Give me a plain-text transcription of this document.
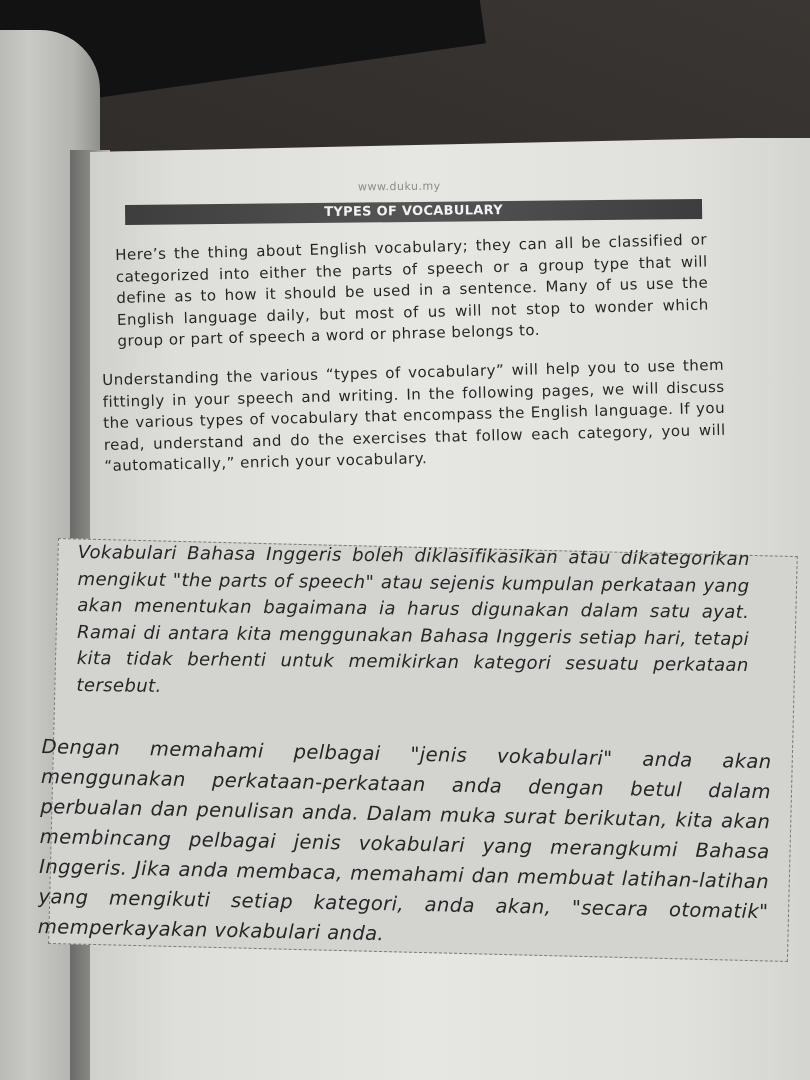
www.duku.my
TYPES OF VOCABULARY

Here’s the thing about English vocabulary; they can all be classified or categorized into either the parts of speech or a group type that will define as to how it should be used in a sentence. Many of us use the English language daily, but most of us will not stop to wonder which group or part of speech a word or phrase belongs to.

Understanding the various “types of vocabulary” will help you to use them fittingly in your speech and writing. In the following pages, we will discuss the various types of vocabulary that encompass the English language. If you read, understand and do the exercises that follow each category, you will “automatically,” enrich your vocabulary.

Vokabulari Bahasa Inggeris boleh diklasifikasikan atau dikategorikan mengikut "the parts of speech" atau sejenis kumpulan perkataan yang akan menentukan bagaimana ia harus digunakan dalam satu ayat. Ramai di antara kita menggunakan Bahasa Inggeris setiap hari, tetapi kita tidak berhenti untuk memikirkan kategori sesuatu perkataan tersebut.

Dengan memahami pelbagai "jenis vokabulari" anda akan menggunakan perkataan-perkataan anda dengan betul dalam perbualan dan penulisan anda. Dalam muka surat berikutan, kita akan membincang pelbagai jenis vokabulari yang merangkumi Bahasa Inggeris. Jika anda membaca, memahami dan membuat latihan-latihan yang mengikuti setiap kategori, anda akan, "secara otomatik" memperkayakan vokabulari anda.
